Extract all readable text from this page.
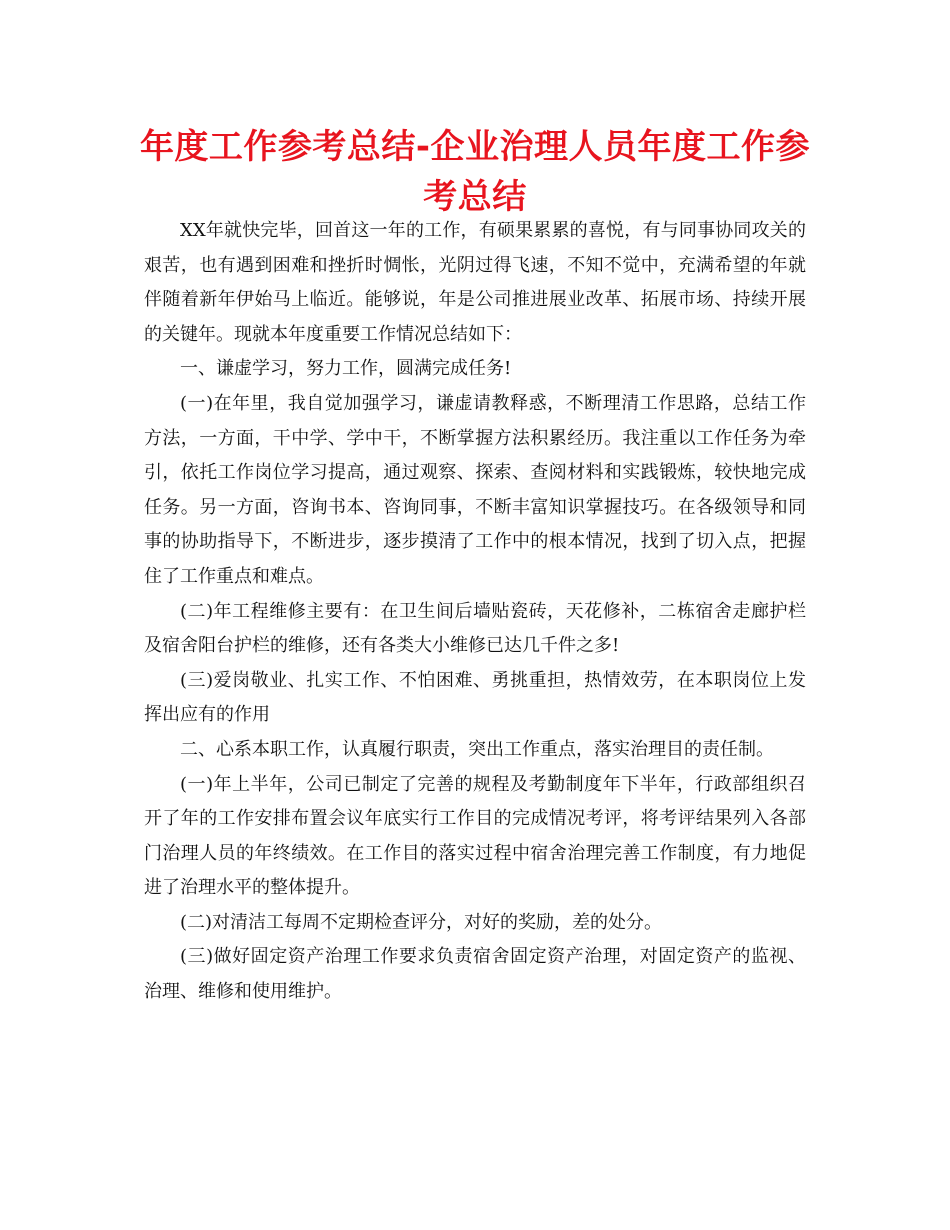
年度工作参考总结-企业治理人员年度工作参考总结

XX年就快完毕，回首这一年的工作，有硕果累累的喜悦，有与同事协同攻关的艰苦，也有遇到困难和挫折时惆怅，光阴过得飞速，不知不觉中，充满希望的年就伴随着新年伊始马上临近。能够说，年是公司推进展业改革、拓展市场、持续开展的关键年。现就本年度重要工作情况总结如下：

一、谦虚学习，努力工作，圆满完成任务!

(一)在年里，我自觉加强学习，谦虚请教释惑，不断理清工作思路，总结工作方法，一方面，干中学、学中干，不断掌握方法积累经历。我注重以工作任务为牵引，依托工作岗位学习提高，通过观察、探索、查阅材料和实践锻炼，较快地完成任务。另一方面，咨询书本、咨询同事，不断丰富知识掌握技巧。在各级领导和同事的协助指导下，不断进步，逐步摸清了工作中的根本情况，找到了切入点，把握住了工作重点和难点。

(二)年工程维修主要有：在卫生间后墙贴瓷砖，天花修补，二栋宿舍走廊护栏及宿舍阳台护栏的维修，还有各类大小维修已达几千件之多!

(三)爱岗敬业、扎实工作、不怕困难、勇挑重担，热情效劳，在本职岗位上发挥出应有的作用

二、心系本职工作，认真履行职责，突出工作重点，落实治理目的责任制。

(一)年上半年，公司已制定了完善的规程及考勤制度年下半年，行政部组织召开了年的工作安排布置会议年底实行工作目的完成情况考评，将考评结果列入各部门治理人员的年终绩效。在工作目的落实过程中宿舍治理完善工作制度，有力地促进了治理水平的整体提升。

(二)对清洁工每周不定期检查评分，对好的奖励，差的处分。

(三)做好固定资产治理工作要求负责宿舍固定资产治理，对固定资产的监视、治理、维修和使用维护。
